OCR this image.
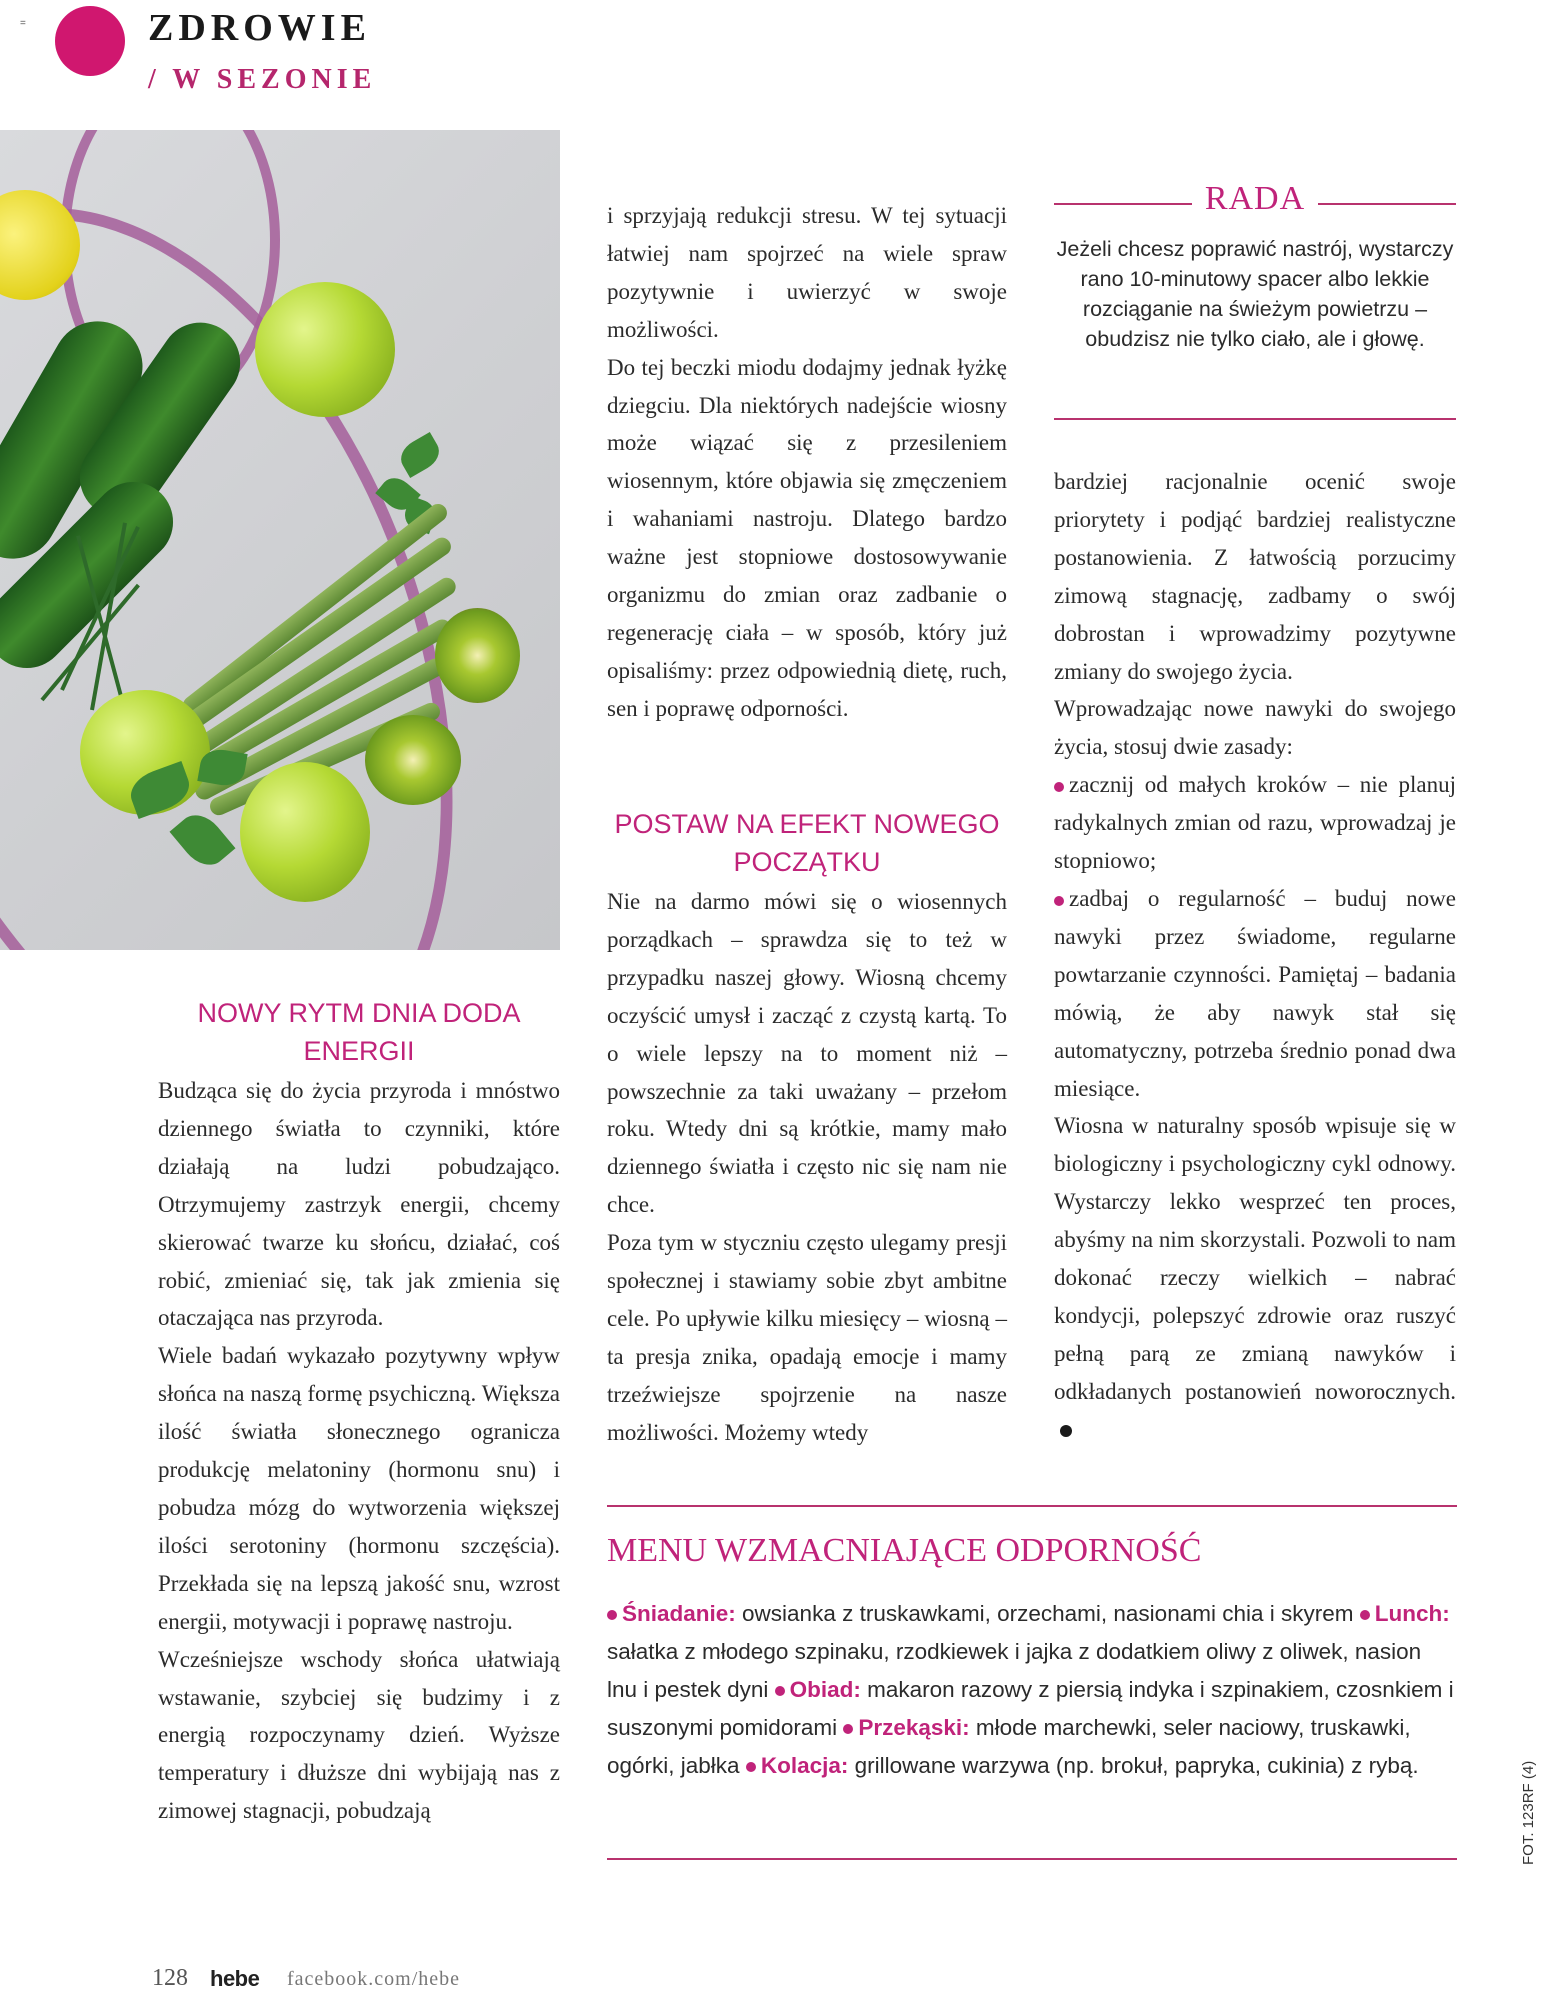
=	ZDROWIE
/ W SEZONIE
NOWY RYTM DNIA DODA ENERGII

Budząca się do życia przyroda i mnóstwo dziennego światła to czynniki, które działają na ludzi pobudzająco. Otrzymujemy zastrzyk energii, chcemy skierować twarze ku słońcu, działać, coś robić, zmieniać się, tak jak zmienia się otaczająca nas przyroda.

Wiele badań wykazało pozytywny wpływ słońca na naszą formę psychiczną. Większa ilość światła słonecznego ogranicza produkcję melatoniny (hormonu snu) i pobudza mózg do wytworzenia większej ilości serotoniny (hormonu szczęścia). Przekłada się na lepszą jakość snu, wzrost energii, motywacji i poprawę nastroju.

Wcześniejsze wschody słońca ułatwiają wstawanie, szybciej się budzimy i z energią rozpoczynamy dzień. Wyższe temperatury i dłuższe dni wybijają nas z zimowej stagnacji, pobudzają

i sprzyjają redukcji stresu. W tej sytuacji łatwiej nam spojrzeć na wiele spraw pozytywnie i uwierzyć w swoje możliwości.

Do tej beczki miodu dodajmy jednak łyżkę dziegciu. Dla niektórych nadejście wiosny może wiązać się z przesileniem wiosennym, które objawia się zmęczeniem i wahaniami nastroju. Dlatego bardzo ważne jest stopniowe dostosowywanie organizmu do zmian oraz zadbanie o regenerację ciała – w sposób, który już opisaliśmy: przez odpowiednią dietę, ruch, sen i poprawę odporności.

POSTAW NA EFEKT NOWEGO POCZĄTKU

Nie na darmo mówi się o wiosennych porządkach – sprawdza się to też w przypadku naszej głowy. Wiosną chcemy oczyścić umysł i zacząć z czystą kartą. To o wiele lepszy na to moment niż – powszechnie za taki uważany – przełom roku. Wtedy dni są krótkie, mamy mało dziennego światła i często nic się nam nie chce.

Poza tym w styczniu często ulegamy presji społecznej i stawiamy sobie zbyt ambitne cele. Po upływie kilku miesięcy – wiosną – ta presja znika, opadają emocje i mamy trzeźwiejsze spojrzenie na nasze możliwości. Możemy wtedy

RADA
Jeżeli chcesz poprawić nastrój, wystarczy rano 10-minutowy spacer albo lekkie rozciąganie na świeżym powietrzu – obudzisz nie tylko ciało, ale i głowę.

bardziej racjonalnie ocenić swoje priorytety i podjąć bardziej realistyczne postanowienia. Z łatwością porzucimy zimową stagnację, zadbamy o swój dobrostan i wprowadzimy pozytywne zmiany do swojego życia.

Wprowadzając nowe nawyki do swojego życia, stosuj dwie zasady:

zacznij od małych kroków – nie planuj radykalnych zmian od razu, wprowadzaj je stopniowo;

zadbaj o regularność – buduj nowe nawyki przez świadome, regularne powtarzanie czynności. Pamiętaj – badania mówią, że aby nawyk stał się automatyczny, potrzeba średnio ponad dwa miesiące.

Wiosna w naturalny sposób wpisuje się w biologiczny i psychologiczny cykl odnowy. Wystarczy lekko wesprzeć ten proces, abyśmy na nim skorzystali. Pozwoli to nam dokonać rzeczy wielkich – nabrać kondycji, polepszyć zdrowie oraz ruszyć pełną parą ze zmianą nawyków i odkładanych postanowień noworocznych.

MENU WZMACNIAJĄCE ODPORNOŚĆ
Śniadanie: owsianka z truskawkami, orzechami, nasionami chia i skyrem Lunch: sałatka z młodego szpinaku, rzodkiewek i jajka z dodatkiem oliwy z oliwek, nasion lnu i pestek dyni Obiad: makaron razowy z piersią indyka i szpinakiem, czosnkiem i suszonymi pomidorami Przekąski: młode marchewki, seler naciowy, truskawki, ogórki, jabłka Kolacja: grillowane warzywa (np. brokuł, papryka, cukinia) z rybą.
128 hebe facebook.com/hebe
FOT. 123RF (4)
